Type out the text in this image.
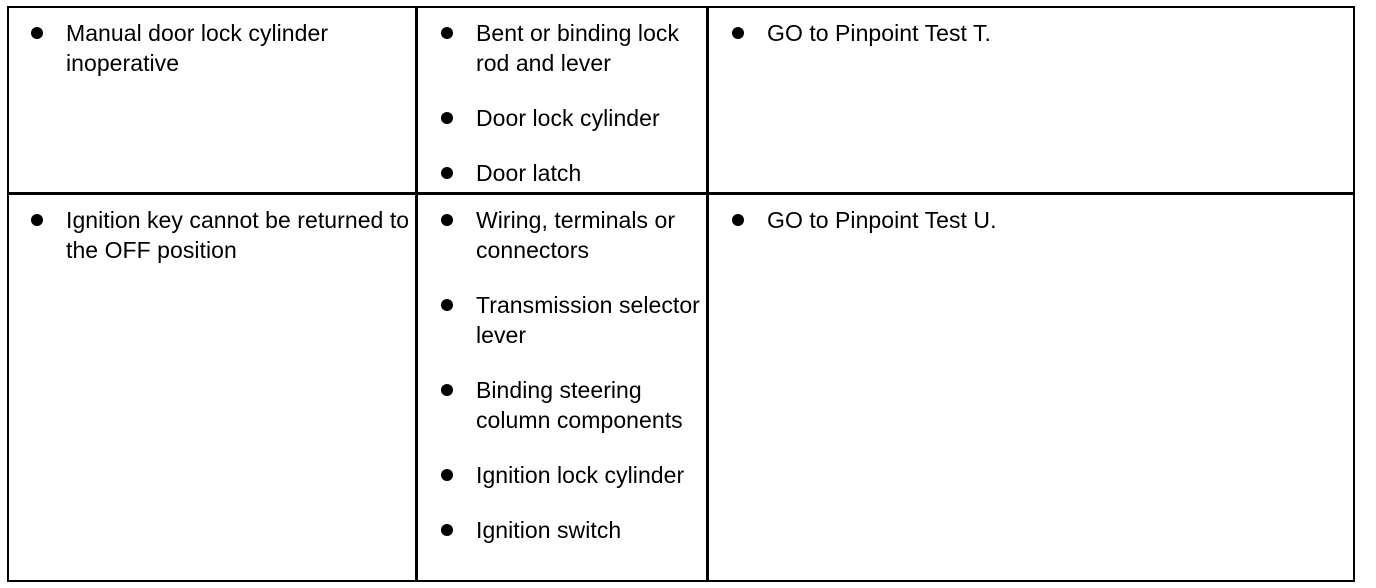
Manual door lock cylinder inoperative
Bent or binding lock rod and lever
Door lock cylinder
Door latch
GO to Pinpoint Test T.
Ignition key cannot be returned to the OFF position
Wiring, terminals or connectors
Transmission selector lever
Binding steering column components
Ignition lock cylinder
Ignition switch
GO to Pinpoint Test U.
